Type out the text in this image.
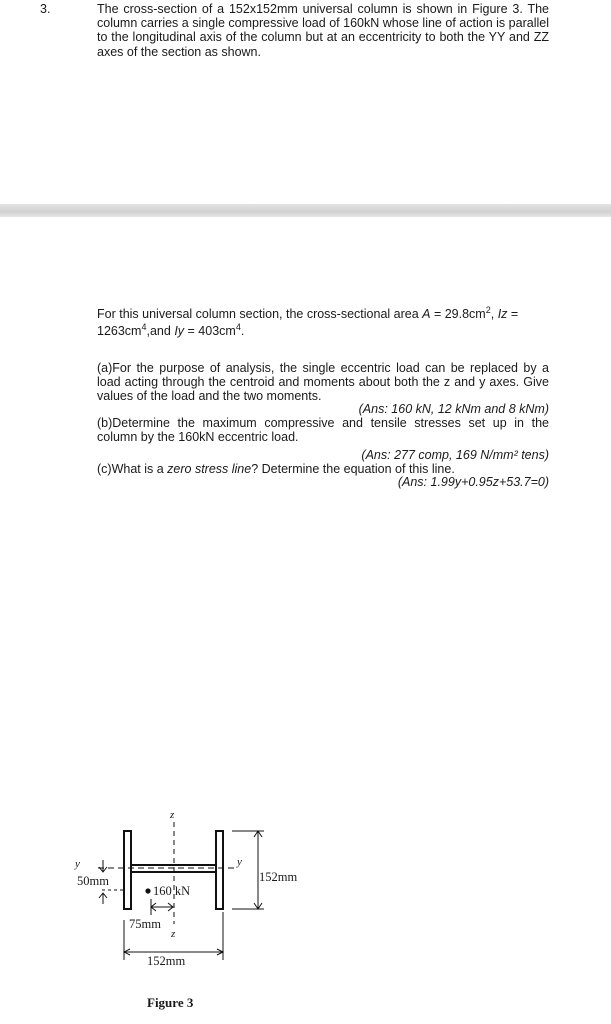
3.	The cross-section of a 152x152mm universal column is shown in Figure 3. The column carries a single compressive load of 160kN whose line of action is parallel to the longitudinal axis of the column but at an eccentricity to both the YY and ZZ axes of the section as shown.
For this universal column section, the cross-sectional area $A = 29.8cm^2$, $Iz = 1263cm^4,and$ $Iy = 403cm^4$.

(a)For the purpose of analysis, the single eccentric load can be replaced by a load acting through the centroid and moments about both the z and y axes. Give values of the load and the two moments.

(Ans: 160 kN, 12 kNm and 8 kNm)

(b)Determine the maximum compressive and tensile stresses set up in the column by the 160kN eccentric load.

(Ans: 277 comp, 169 N/mm² tens)

(c)What is a zero stress line? Determine the equation of this line.

(Ans: 1.99y+0.95z+53.7=0)

z
z
y	y
50mm
160 kN
75mm
152mm
152mm
Figure 3
